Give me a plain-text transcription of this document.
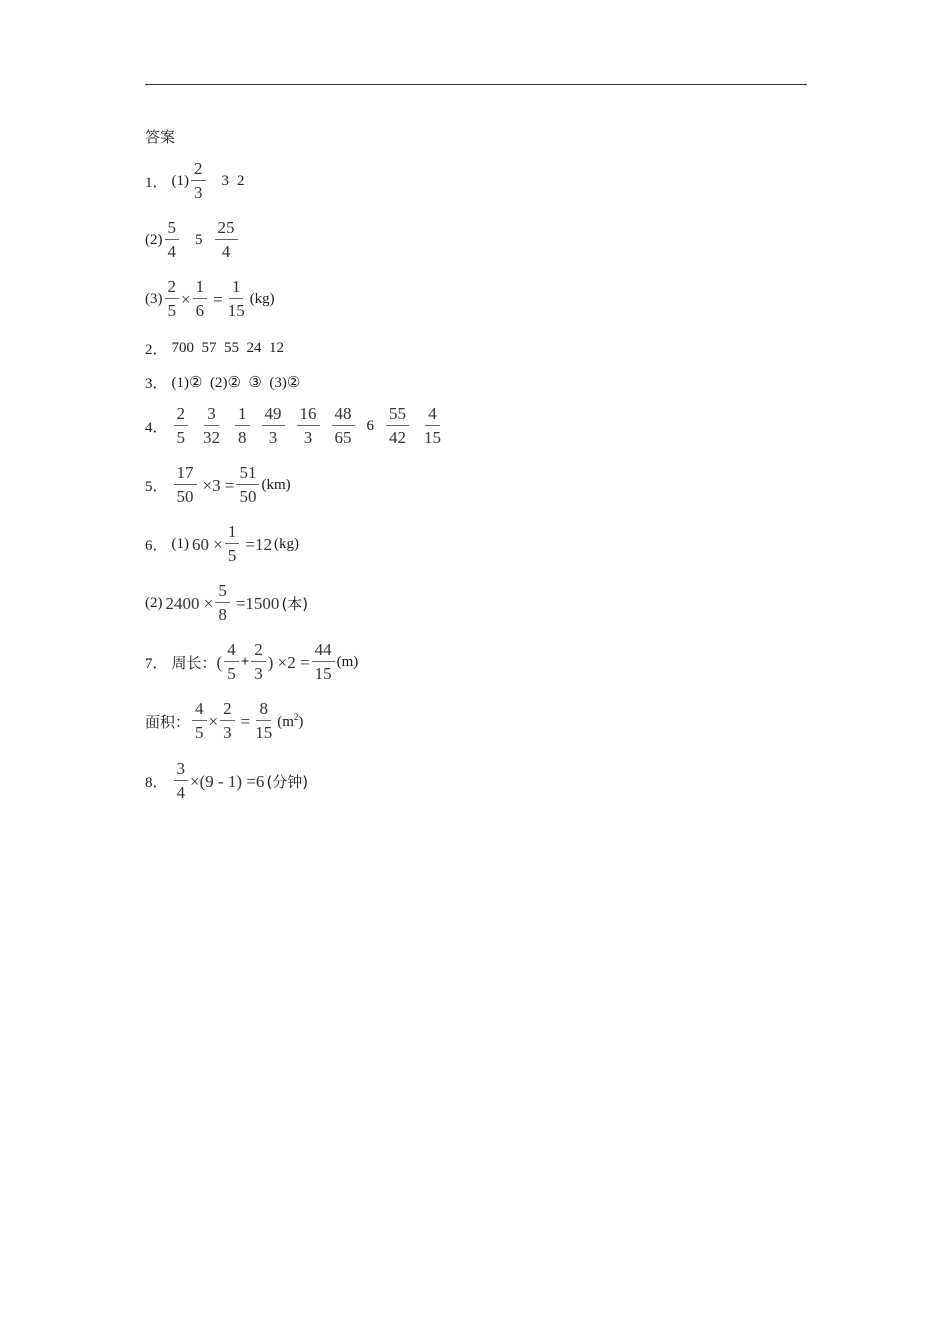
答案
1． $(1) \frac{2}{3} 3$ 2
$(2) \frac{5}{4} 5 \frac{25}{4}$
$(3) \frac{2}{5} \times \frac{1}{6} = \frac{1}{15} (kg)$
2． 700  57  55  24  12
3． (1)②  (2)②  ③  (3)②
4． $\frac{2}{5} \frac{3}{32} \frac{1}{8} \frac{49}{3} \frac{16}{3} \frac{48}{65} 6 \frac{55}{42} \frac{4}{15}$
5． $\frac{17}{50} \times 3 = \frac{51}{50} (km)$
6． (1) $60 \times \frac{1}{5} =12$ (kg)
(2) $2400 \times \frac{5}{8} =1500$ (本)
7． 周长： ( $\frac{4}{5} + \frac{2}{3}$ ) $\times 2 = \frac{44}{15} (m)$
面积： $\frac{4}{5} \times \frac{2}{3} = \frac{8}{15} (m^2)$
8． $\frac{3}{4} \times(9 - 1) =6$ (分钟)
